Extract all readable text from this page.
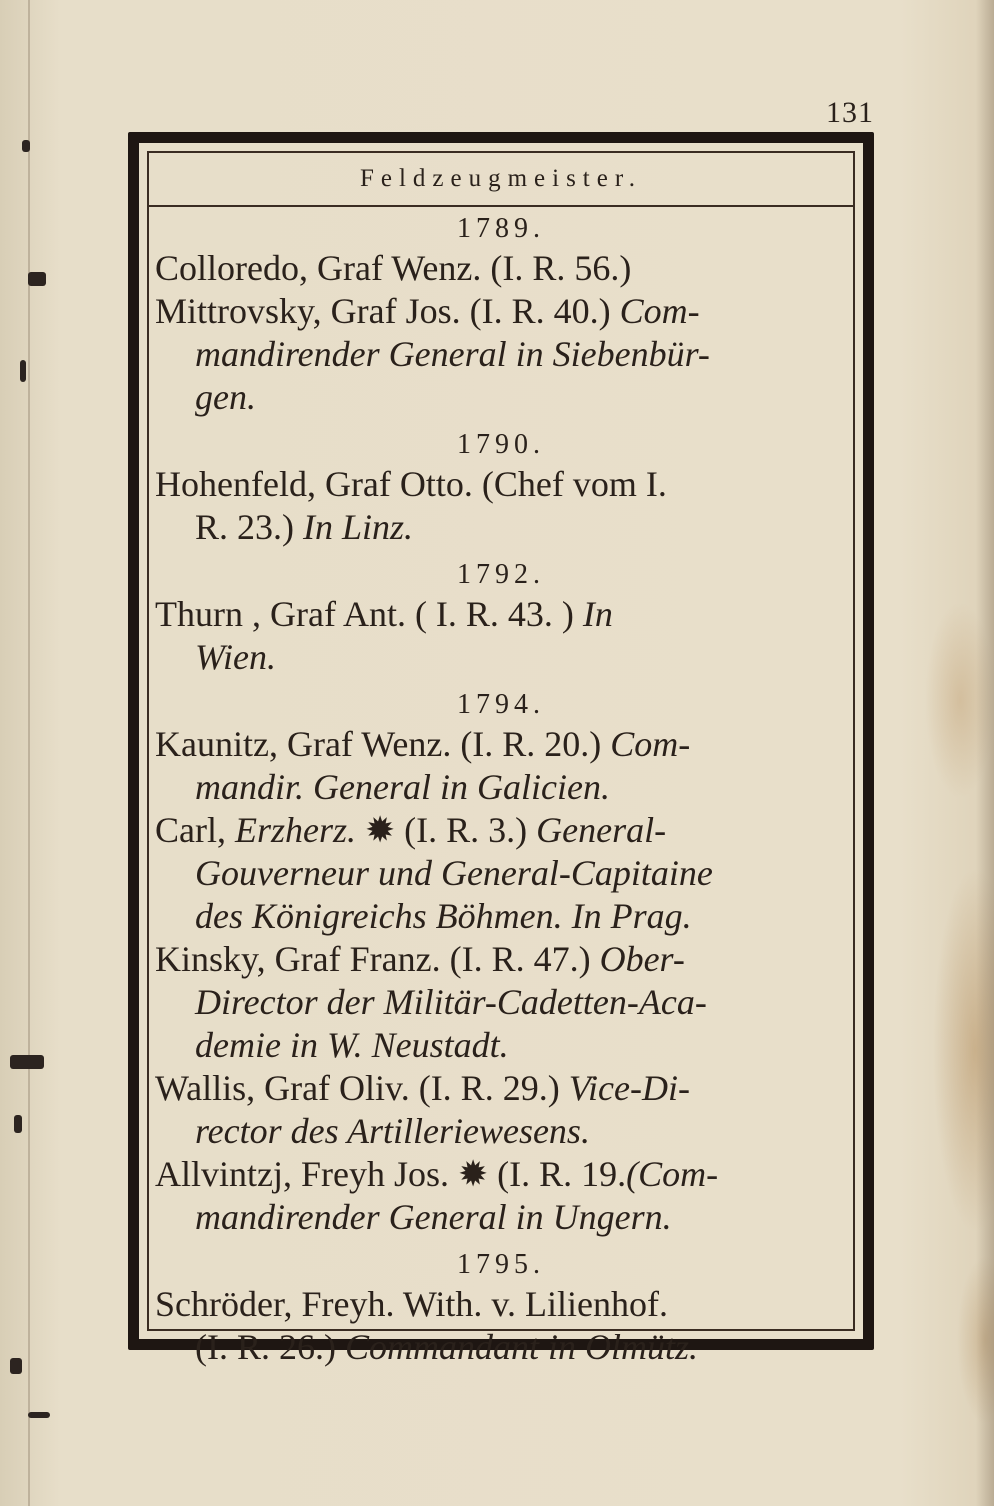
131
Feldzeugmeister.
1789.
Colloredo, Graf Wenz. (I. R. 56.)
Mittrovsky, Graf Jos. (I. R. 40.) Com-
mandirender General in Siebenbür-
gen.
1790.
Hohenfeld, Graf Otto. (Chef vom I.
R. 23.) In Linz.
1792.
Thurn , Graf Ant. ( I. R. 43. ) In
Wien.
1794.
Kaunitz, Graf Wenz. (I. R. 20.) Com-
mandir. General in Galicien.
Carl, Erzherz. ✹ (I. R. 3.) General-
Gouverneur und General-Capitaine
des Königreichs Böhmen. In Prag.
Kinsky, Graf Franz. (I. R. 47.) Ober-
Director der Militär-Cadetten-Aca-
demie in W. Neustadt.
Wallis, Graf Oliv. (I. R. 29.) Vice-Di-
rector des Artilleriewesens.
Allvintzj, Freyh Jos. ✹ (I. R. 19.(Com-
mandirender General in Ungern.
1795.
Schröder, Freyh. With. v. Lilienhof.
(I. R. 26.) Commandant in Olmütz.
